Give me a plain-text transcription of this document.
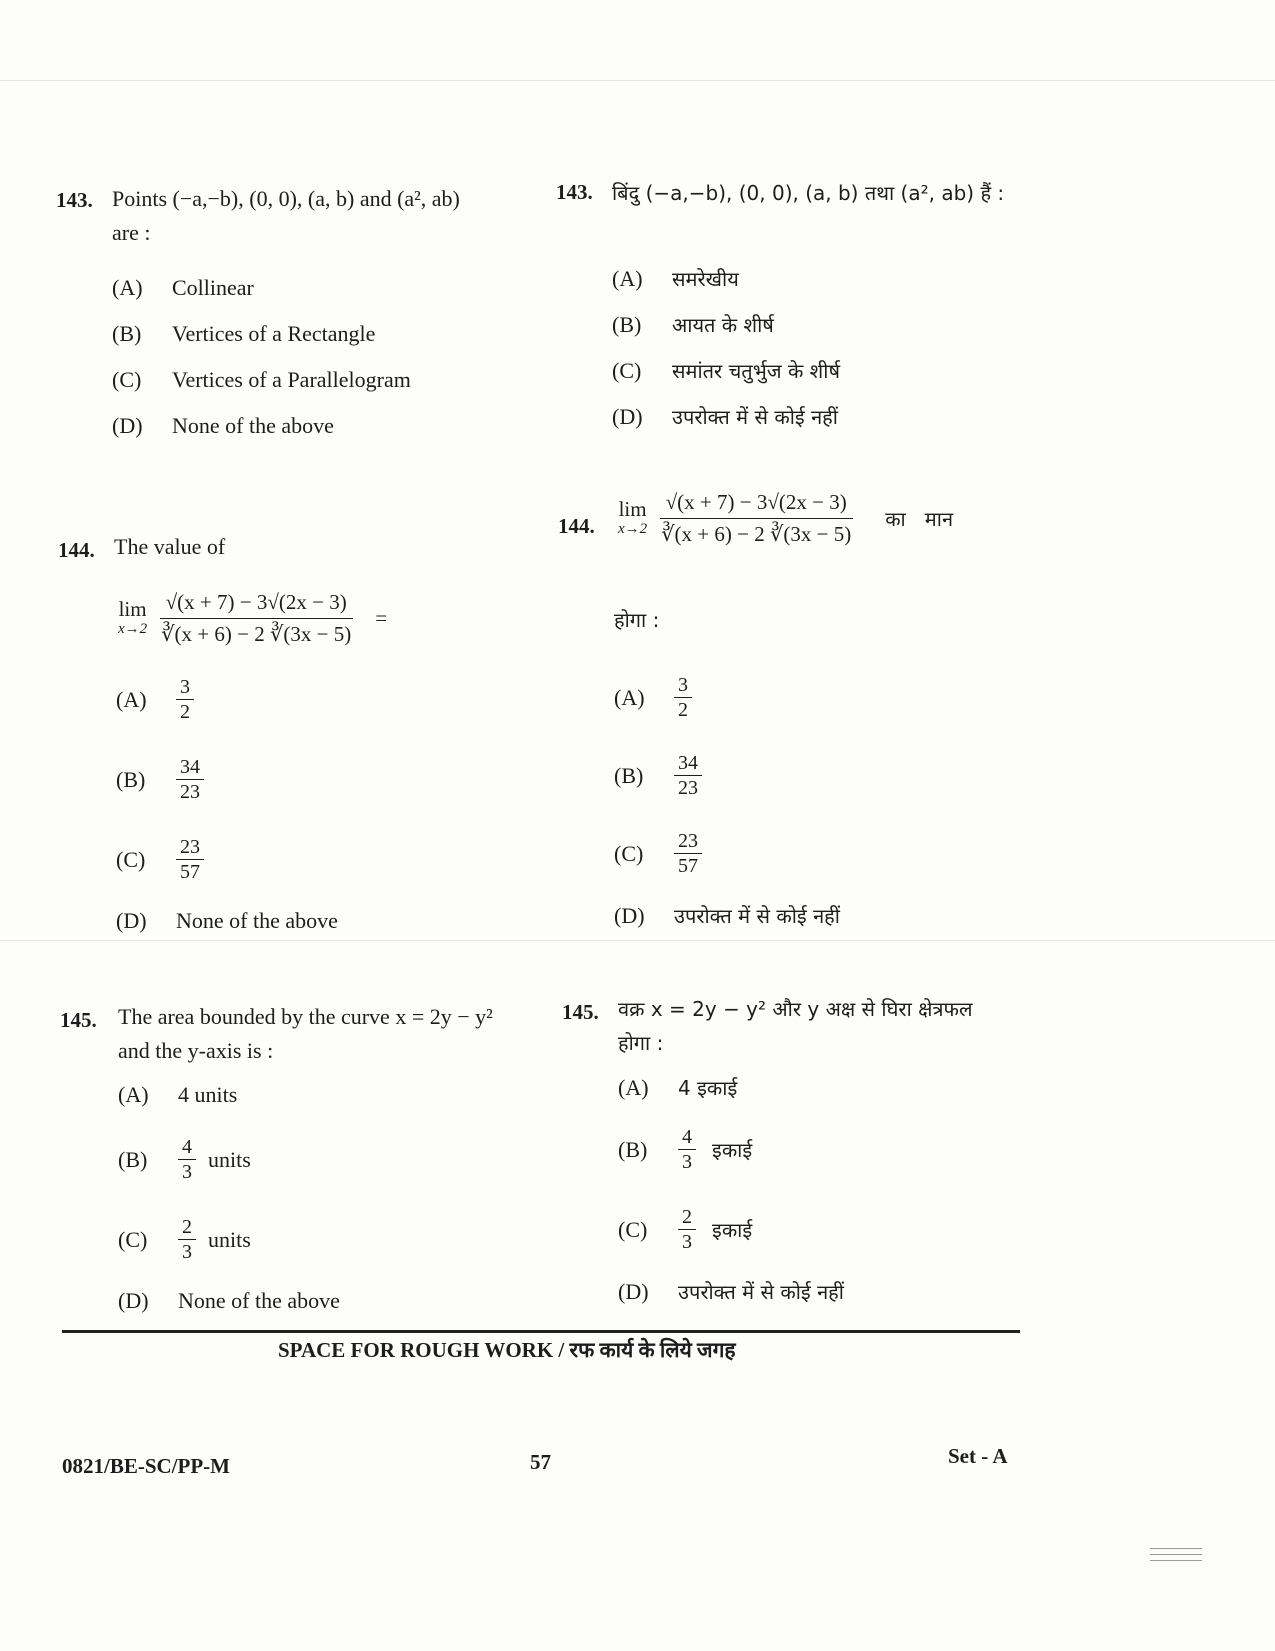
143. Points (−a,−b), (0, 0), (a, b) and (a², ab)
are :
(A)	Collinear
(B)	Vertices of a Rectangle
(C)	Vertices of a Parallelogram
(D)	None of the above
143. बिंदु (−a,−b), (0, 0), (a, b) तथा (a², ab) हैं :
(A)	समरेखीय
(B)	आयत के शीर्ष
(C)	समांतर चतुर्भुज के शीर्ष
(D)	उपरोक्त में से कोई नहीं
144. The value of
lim
$x\to 2 \frac{√(x + 7) - 3√(2x - 3)}{∛(x + 6) - 2 ∛(3x - 5)}$ =
(A)	$\frac{3}{2}$
(B)	$\frac{34}{23}$
(C)	$\frac{23}{57}$
(D)	None of the above
144.
lim
$x\to 2 \frac{√(x + 7) - 3√(2x - 3)}{∛(x + 6) - 2 ∛(3x - 5)}$ का   मान
होगा :
(A)	$\frac{3}{2}$
(B)	$\frac{34}{23}$
(C)	$\frac{23}{57}$
(D)	उपरोक्त में से कोई नहीं
145. The area bounded by the curve x = 2y − y²
and the y-axis is :
(A)	4 units
(B)	$\frac{4}{3}$ units
(C)	$\frac{2}{3}$ units
(D)	None of the above
145. वक्र x = 2y − y² और y अक्ष से घिरा क्षेत्रफल
होगा :
(A)	4 इकाई
(B)	$\frac{4}{3}$ इकाई
(C)	$\frac{2}{3}$ इकाई
(D)	उपरोक्त में से कोई नहीं
SPACE FOR ROUGH WORK / रफ कार्य के लिये जगह
0821/BE-SC/PP-M	57	Set - A
